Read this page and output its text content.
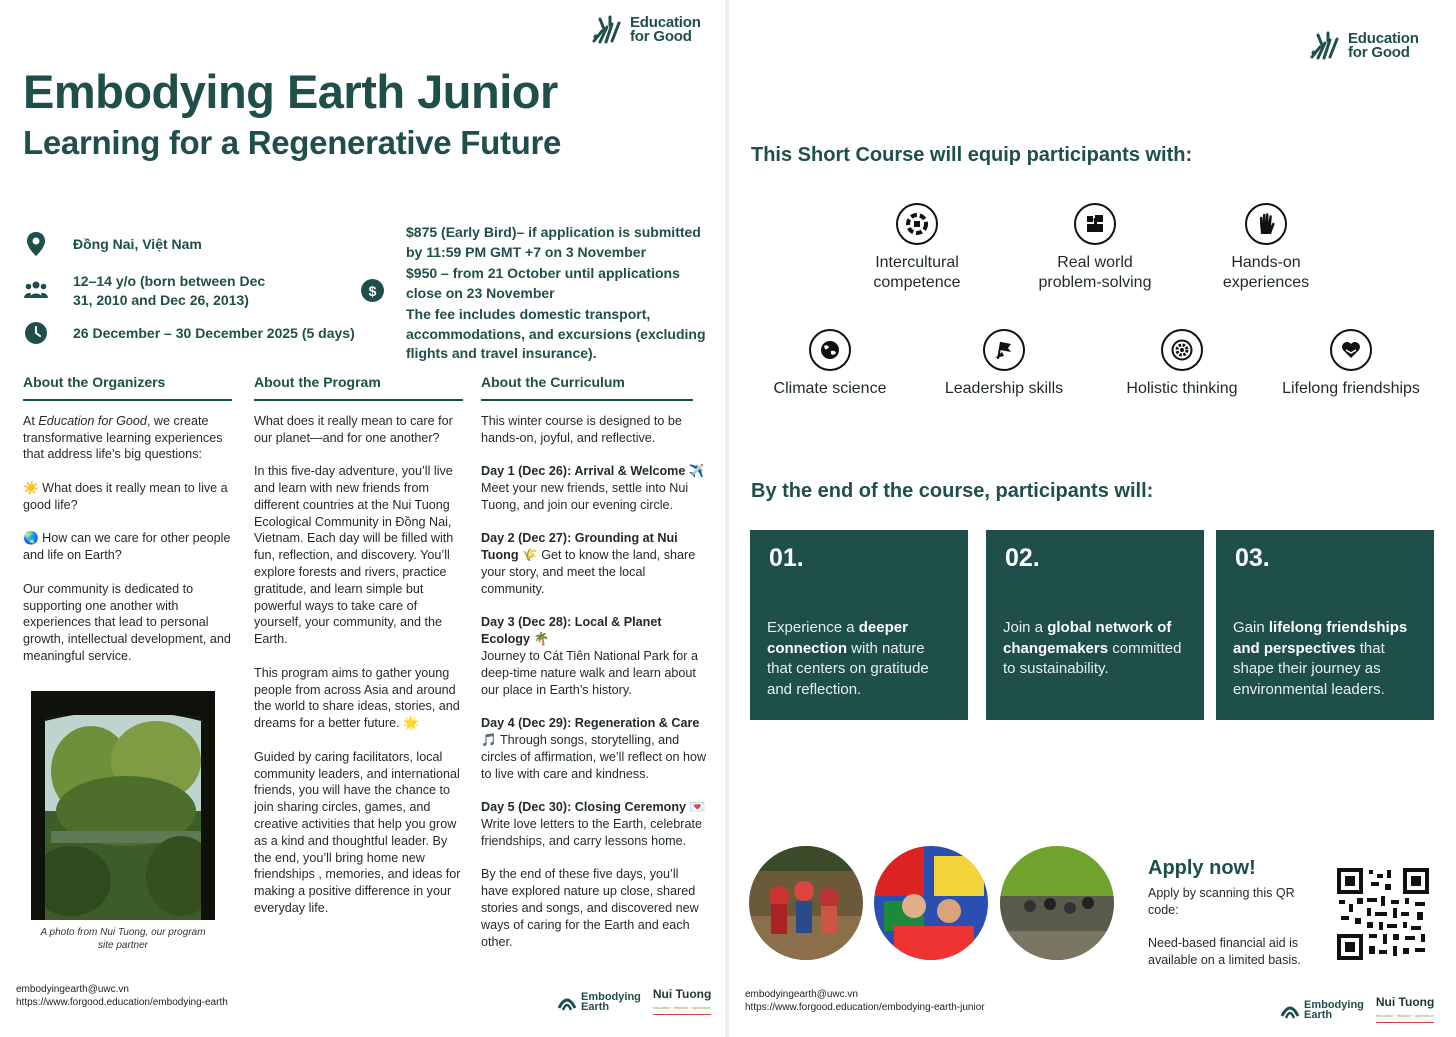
Education
for Good
Embodying Earth Junior
Learning for a Regenerative Future
Đồng Nai, Việt Nam
12–14 y/o (born between Dec
31, 2010 and Dec 26, 2013)
26 December – 30 December 2025 (5 days)
$

$875 (Early Bird)– if application is submitted by 11:59 PM GMT +7 on 3 November

$950 – from 21 October until applications close on 23 November

The fee includes domestic transport, accommodations, and excursions (excluding flights and travel insurance).

About the Organizers

At Education for Good, we create transformative learning experiences that address life’s big questions:

☀️ What does it really mean to live a good life?

🌏 How can we care for other people and life on Earth?

Our community is dedicated to supporting one another with experiences that lead to personal growth, intellectual development, and meaningful service.

A photo from Nui Tuong, our program site partner
About the Program

What does it really mean to care for our planet—and for one another?

In this five-day adventure, you’ll live and learn with new friends from different countries at the Nui Tuong Ecological Community in Đồng Nai, Vietnam. Each day will be filled with fun, reflection, and discovery. You’ll explore forests and rivers, practice gratitude, and learn simple but powerful ways to take care of yourself, your community, and the Earth.

This program aims to gather young people from across Asia and around the world to share ideas, stories, and dreams for a better future. 🌟

Guided by caring facilitators, local community leaders, and international friends, you will have the chance to join sharing circles, games, and creative activities that help you grow as a kind and thoughtful leader. By the end, you’ll bring home new friendships , memories, and ideas for making a positive difference in your everyday life.

About the Curriculum

This winter course is designed to be hands-on, joyful, and reflective.

Day 1 (Dec 26): Arrival & Welcome ✈️
Meet your new friends, settle into Nui Tuong, and join our evening circle.

Day 2 (Dec 27): Grounding at Nui Tuong 🌾 Get to know the land, share your story, and meet the local community.

Day 3 (Dec 28): Local & Planet Ecology 🌴
Journey to Cát Tiên National Park for a deep-time nature walk and learn about our place in Earth’s history.

Day 4 (Dec 29): Regeneration & Care
🎵 Through songs, storytelling, and circles of affirmation, we’ll reflect on how to live with care and kindness.

Day 5 (Dec 30): Closing Ceremony 💌
Write love letters to the Earth, celebrate friendships, and carry lessons home.

By the end of these five days, you’ll have explored nature up close, shared stories and songs, and discovered new ways of caring for the Earth and each other.

embodyingearth@uwc.vn
https://www.forgood.education/embodying-earth	Embodying
Earth
Nui Tuong
education · lifeplace · agriculture
Education
for Good
This Short Course will equip participants with:
Intercultural
competence
Real world
problem-solving
Hands-on
experiences
Climate science	Leadership skills	Holistic thinking	Lifelong friendships
By the end of the course, participants will:
01.
Experience a deeper connection with nature that centers on gratitude and reflection.
02.
Join a global network of changemakers committed to sustainability.
03.
Gain lifelong friendships and perspectives that shape their journey as environmental leaders.
Apply now!
Apply by scanning this QR code:
Need-based financial aid is available on a limited basis.
embodyingearth@uwc.vn
https://www.forgood.education/embodying-earth-junior	Embodying
Earth
Nui Tuong
education · lifeplace · agriculture
